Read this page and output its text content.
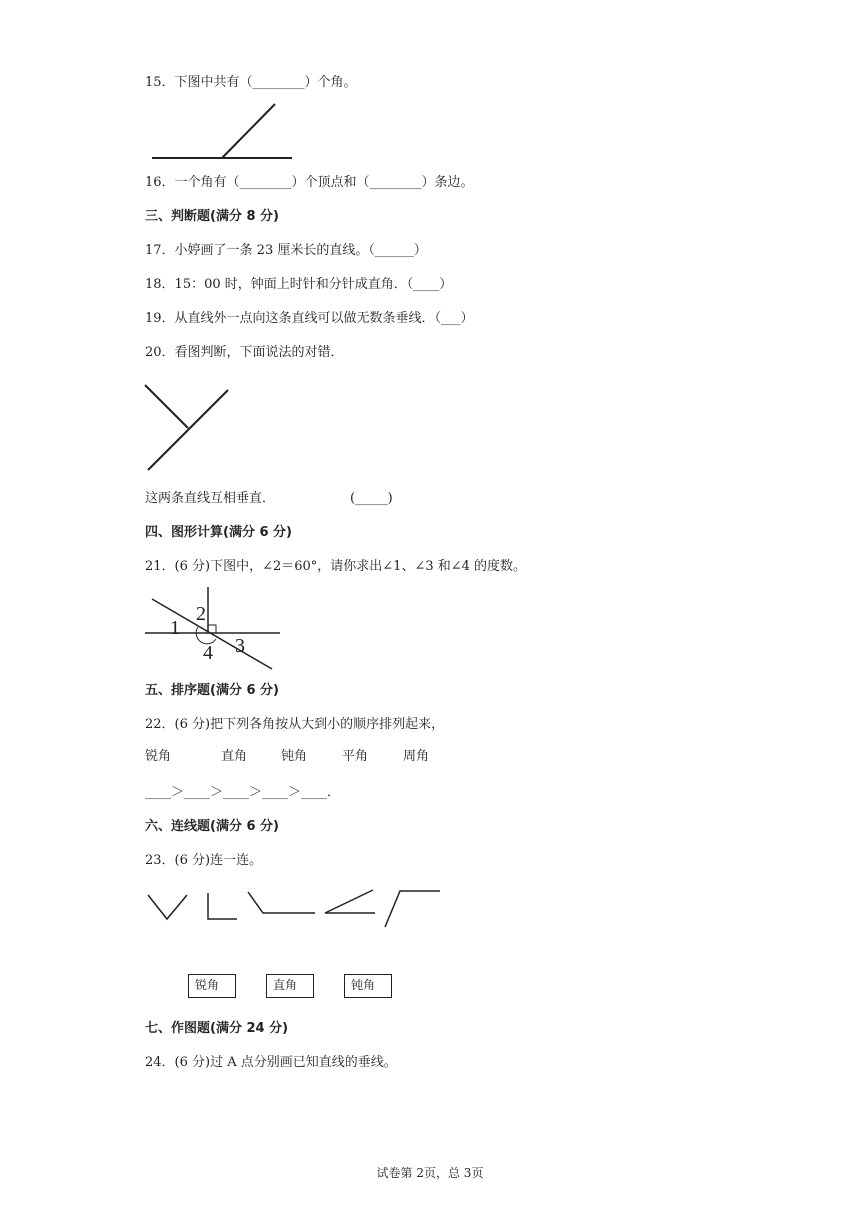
15．下图中共有（________）个角。
16．一个角有（________）个顶点和（________）条边。
三、判断题(满分 8 分)
17．小婷画了一条 23 厘米长的直线。（______）
18．15：00 时，钟面上时针和分针成直角．（____）
19．从直线外一点向这条直线可以做无数条垂线．（___）
20．看图判断，下面说法的对错．
这两条直线互相垂直．	(_____)
四、图形计算(满分 6 分)
21．(6 分)下图中，∠2＝60°，请你求出∠1、∠3 和∠4 的度数。
1
2
3
4
五、排序题(满分 6 分)
22．(6 分)把下列各角按从大到小的顺序排列起来，
锐角	直角	钝角	平角	周角
____＞____＞____＞____＞____．
六、连线题(满分 6 分)
23．(6 分)连一连。
锐角	直角	钝角
七、作图题(满分 24 分)
24．(6 分)过 A 点分别画已知直线的垂线。
试卷第 2页，总 3页
